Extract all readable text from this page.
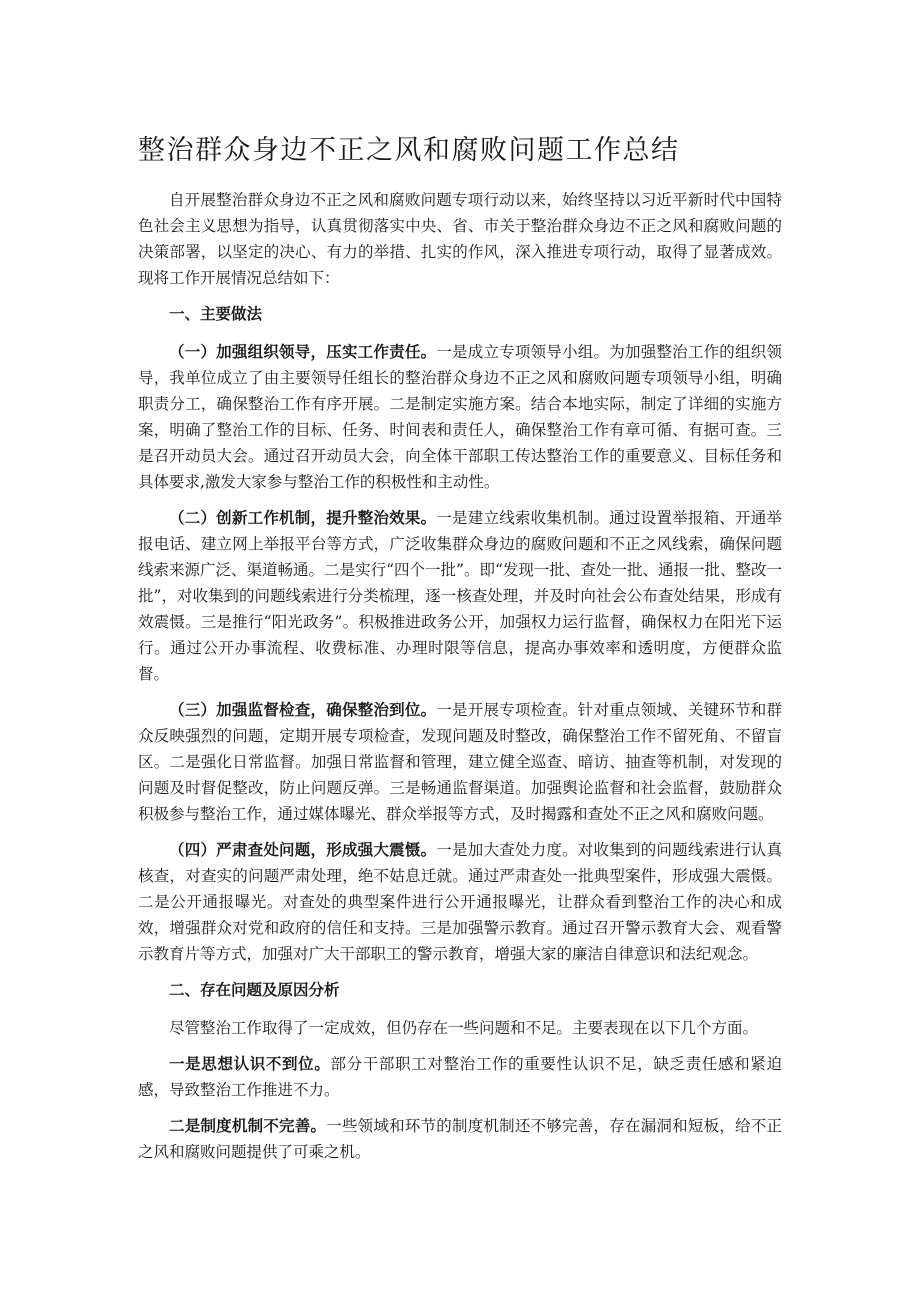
整治群众身边不正之风和腐败问题工作总结

自开展整治群众身边不正之风和腐败问题专项行动以来，始终坚持以习近平新时代中国特色社会主义思想为指导，认真贯彻落实中央、省、市关于整治群众身边不正之风和腐败问题的决策部署，以坚定的决心、有力的举措、扎实的作风，深入推进专项行动，取得了显著成效。现将工作开展情况总结如下：

一、主要做法

（一）加强组织领导，压实工作责任。一是成立专项领导小组。为加强整治工作的组织领导，我单位成立了由主要领导任组长的整治群众身边不正之风和腐败问题专项领导小组，明确职责分工，确保整治工作有序开展。二是制定实施方案。结合本地实际，制定了详细的实施方案，明确了整治工作的目标、任务、时间表和责任人，确保整治工作有章可循、有据可查。三是召开动员大会。通过召开动员大会，向全体干部职工传达整治工作的重要意义、目标任务和具体要求,激发大家参与整治工作的积极性和主动性。

（二）创新工作机制，提升整治效果。一是建立线索收集机制。通过设置举报箱、开通举报电话、建立网上举报平台等方式，广泛收集群众身边的腐败问题和不正之风线索，确保问题线索来源广泛、渠道畅通。二是实行“四个一批”。即“发现一批、查处一批、通报一批、整改一批”，对收集到的问题线索进行分类梳理，逐一核查处理，并及时向社会公布查处结果，形成有效震慑。三是推行“阳光政务”。积极推进政务公开，加强权力运行监督，确保权力在阳光下运行。通过公开办事流程、收费标准、办理时限等信息，提高办事效率和透明度，方便群众监督。

（三）加强监督检查，确保整治到位。一是开展专项检查。针对重点领域、关键环节和群众反映强烈的问题，定期开展专项检查，发现问题及时整改，确保整治工作不留死角、不留盲区。二是强化日常监督。加强日常监督和管理，建立健全巡查、暗访、抽查等机制，对发现的问题及时督促整改，防止问题反弹。三是畅通监督渠道。加强舆论监督和社会监督，鼓励群众积极参与整治工作，通过媒体曝光、群众举报等方式，及时揭露和查处不正之风和腐败问题。

（四）严肃查处问题，形成强大震慑。一是加大查处力度。对收集到的问题线索进行认真核查，对查实的问题严肃处理，绝不姑息迁就。通过严肃查处一批典型案件，形成强大震慑。二是公开通报曝光。对查处的典型案件进行公开通报曝光，让群众看到整治工作的决心和成效，增强群众对党和政府的信任和支持。三是加强警示教育。通过召开警示教育大会、观看警示教育片等方式，加强对广大干部职工的警示教育，增强大家的廉洁自律意识和法纪观念。

二、存在问题及原因分析

尽管整治工作取得了一定成效，但仍存在一些问题和不足。主要表现在以下几个方面。

一是思想认识不到位。部分干部职工对整治工作的重要性认识不足，缺乏责任感和紧迫感，导致整治工作推进不力。

二是制度机制不完善。一些领域和环节的制度机制还不够完善，存在漏洞和短板，给不正之风和腐败问题提供了可乘之机。
